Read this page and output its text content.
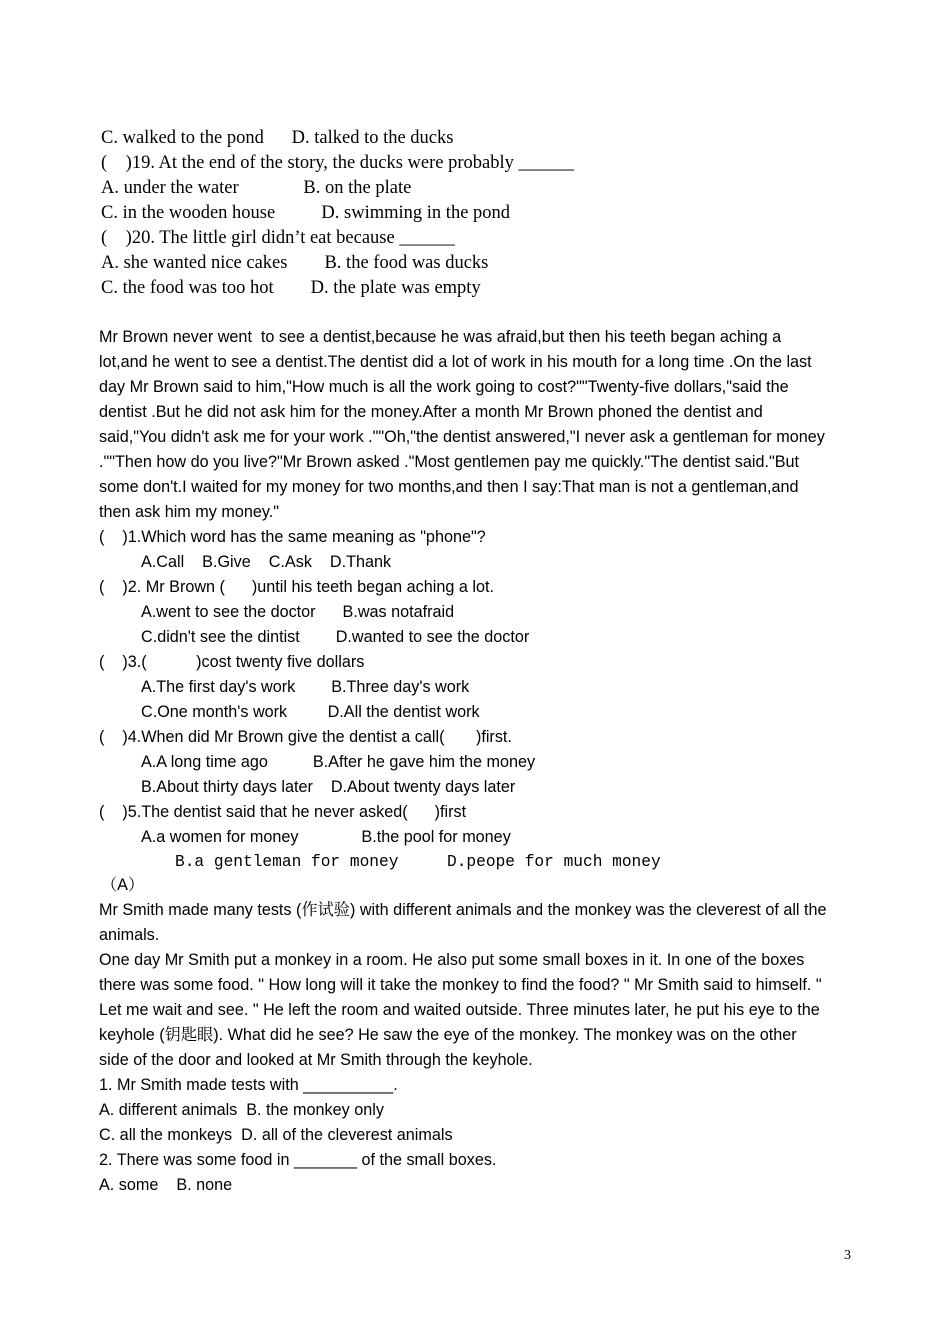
C. walked to the pond      D. talked to the ducks
(    )19. At the end of the story, the ducks were probably ______
A. under the water              B. on the plate
C. in the wooden house          D. swimming in the pond
(    )20. The little girl didn’t eat because ______
A. she wanted nice cakes        B. the food was ducks
C. the food was too hot        D. the plate was empty
Mr Brown never went  to see a dentist,because he was afraid,but then his teeth began aching a
lot,and he went to see a dentist.The dentist did a lot of work in his mouth for a long time .On the last
day Mr Brown said to him,"How much is all the work going to cost?""Twenty-five dollars,"said the
dentist .But he did not ask him for the money.After a month Mr Brown phoned the dentist and
said,"You didn't ask me for your work .""Oh,"the dentist answered,"I never ask a gentleman for money
.""Then how do you live?"Mr Brown asked ."Most gentlemen pay me quickly."The dentist said."But
some don't.I waited for my money for two months,and then I say:That man is not a gentleman,and
then ask him my money."
(    )1.Which word has the same meaning as "phone"?
A.Call    B.Give    C.Ask    D.Thank
(    )2. Mr Brown (      )until his teeth began aching a lot.
A.went to see the doctor      B.was notafraid
C.didn't see the dintist        D.wanted to see the doctor
(    )3.(           )cost twenty five dollars
A.The first day's work        B.Three day's work
C.One month's work         D.All the dentist work
(    )4.When did Mr Brown give the dentist a call(       )first.
A.A long time ago          B.After he gave him the money
B.About thirty days later    D.About twenty days later
(    )5.The dentist said that he never asked(      )first
A.a women for money              B.the pool for money
B.a gentleman for money     D.peope for much money
（A）
Mr Smith made many tests (作试验) with different animals and the monkey was the cleverest of all the
animals.
One day Mr Smith put a monkey in a room. He also put some small boxes in it. In one of the boxes
there was some food. " How long will it take the monkey to find the food? " Mr Smith said to himself. "
Let me wait and see. " He left the room and waited outside. Three minutes later, he put his eye to the
keyhole (钥匙眼). What did he see? He saw the eye of the monkey. The monkey was on the other
side of the door and looked at Mr Smith through the keyhole.
1. Mr Smith made tests with __________.
A. different animals  B. the monkey only
C. all the monkeys  D. all of the cleverest animals
2. There was some food in _______ of the small boxes.
A. some    B. none
3
